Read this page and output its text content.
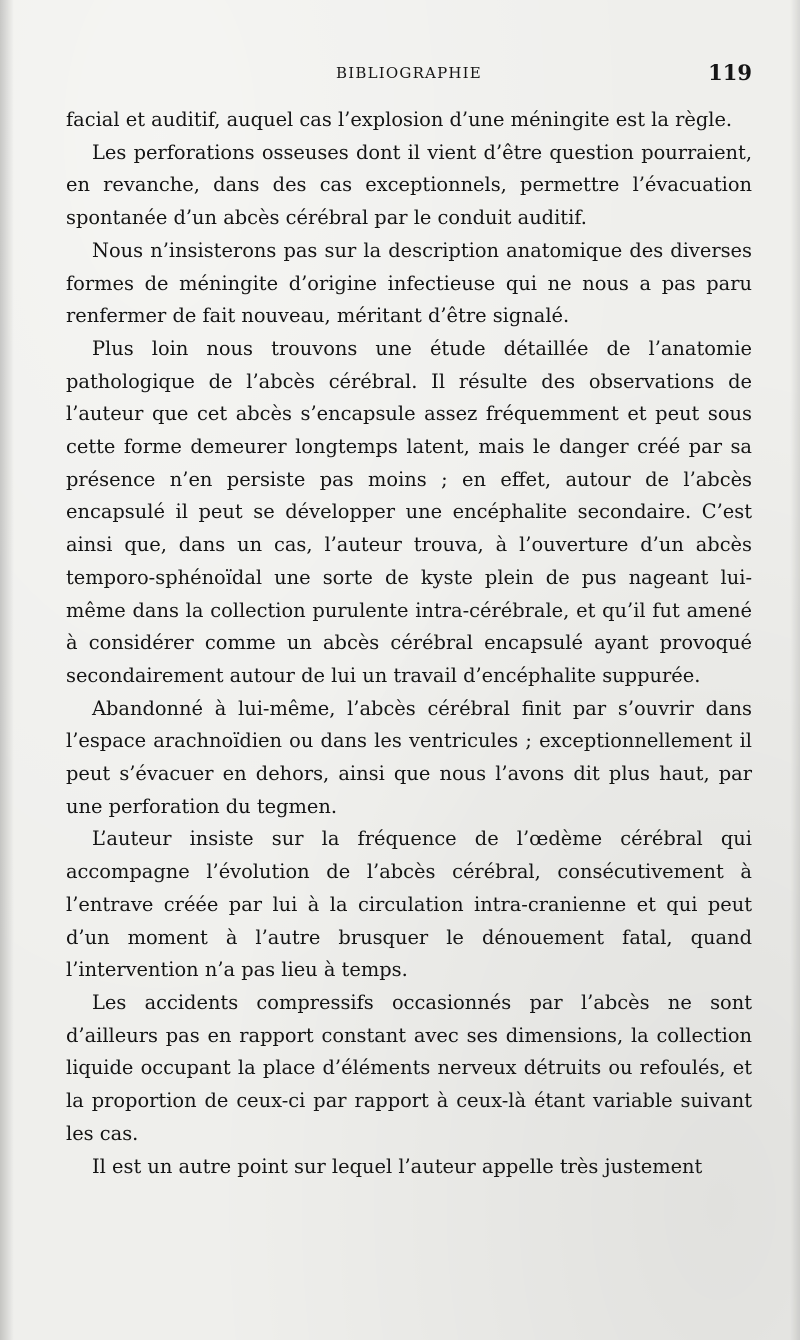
BIBLIOGRAPHIE	119

facial et auditif, auquel cas l’explosion d’une méningite est la règle.

Les perforations osseuses dont il vient d’être question pourraient, en revanche, dans des cas exceptionnels, permettre l’évacuation spontanée d’un abcès cérébral par le conduit auditif.

Nous n’insisterons pas sur la description anatomique des diverses formes de méningite d’origine infectieuse qui ne nous a pas paru renfermer de fait nouveau, méritant d’être signalé.

Plus loin nous trouvons une étude détaillée de l’anatomie pathologique de l’abcès cérébral. Il résulte des observations de l’auteur que cet abcès s’encapsule assez fréquemment et peut sous cette forme demeurer longtemps latent, mais le danger créé par sa présence n’en persiste pas moins ; en effet, autour de l’abcès encapsulé il peut se développer une encéphalite secondaire. C’est ainsi que, dans un cas, l’auteur trouva, à l’ouverture d’un abcès temporo-sphénoïdal une sorte de kyste plein de pus nageant lui-même dans la collection purulente intra-cérébrale, et qu’il fut amené à considérer comme un abcès cérébral encapsulé ayant provoqué secondairement autour de lui un travail d’encéphalite suppurée.

Abandonné à lui-même, l’abcès cérébral finit par s’ouvrir dans l’espace arachnoïdien ou dans les ventricules ; exceptionnellement il peut s’évacuer en dehors, ainsi que nous l’avons dit plus haut, par une perforation du tegmen.

L’auteur insiste sur la fréquence de l’œdème cérébral qui accompagne l’évolution de l’abcès cérébral, consécutivement à l’entrave créée par lui à la circulation intra-cranienne et qui peut d’un moment à l’autre brusquer le dénouement fatal, quand l’intervention n’a pas lieu à temps.

Les accidents compressifs occasionnés par l’abcès ne sont d’ailleurs pas en rapport constant avec ses dimensions, la collection liquide occupant la place d’éléments nerveux détruits ou refoulés, et la proportion de ceux-ci par rapport à ceux-là étant variable suivant les cas.

Il est un autre point sur lequel l’auteur appelle très justement
